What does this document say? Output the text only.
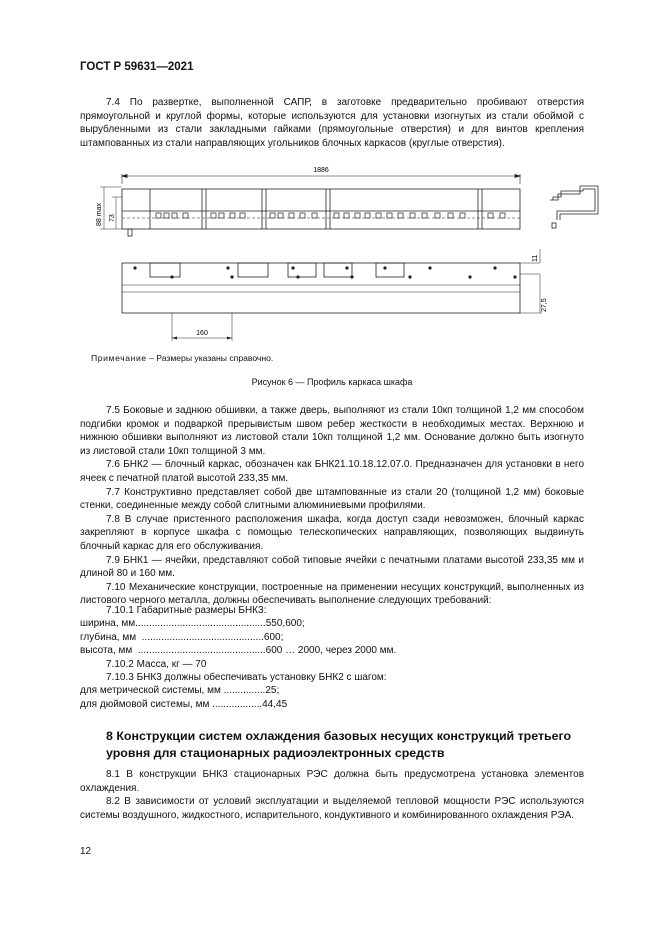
ГОСТ Р 59631—2021
7.4 По развертке, выполненной САПР, в заготовке предварительно пробивают отверстия прямоугольной и круглой формы, которые используются для установки изогнутых из стали обоймой с вырубленными из стали закладными гайками (прямоугольные отверстия) и для винтов крепления штампованных из стали направляющих угольников блочных каркасов (круглые отверстия).
1886
88 max 73
11
27,5
160
Примечание – Размеры указаны справочно.
Рисунок 6 — Профиль каркаса шкафа
7.5 Боковые и заднюю обшивки, а также дверь, выполняют из стали 10кп толщиной 1,2 мм способом подгибки кромок и подваркой прерывистым швом ребер жесткости в необходимых местах. Верхнюю и нижнюю обшивки выполняют из листовой стали 10кп толщиной 1,2 мм. Основание должно быть изогнуто из листовой стали 10кп толщиной 3 мм.
7.6 БНК2 — блочный каркас, обозначен как БНК21.10.18.12.07.0. Предназначен для установки в него ячеек с печатной платой высотой 233,35 мм.
7.7 Конструктивно представляет собой две штампованные из стали 20 (толщиной 1,2 мм) боковые стенки, соединенные между собой слитными алюминиевыми профилями.
7.8 В случае пристенного расположения шкафа, когда доступ сзади невозможен, блочный каркас закрепляют в корпусе шкафа с помощью телескопических направляющих, позволяющих выдвинуть блочный каркас для его обслуживания.
7.9 БНК1 — ячейки, представляют собой типовые ячейки с печатными платами высотой 233,35 мм и длиной 80 и 160 мм.
7.10 Механические конструкции, построенные на применении несущих конструкций, выполненных из листового черного металла, должны обеспечивать выполнение следующих требований:
7.10.1 Габаритные размеры БНК3:
ширина, мм...............................................550,600;
глубина, мм  ............................................600;
высота, мм  ..............................................600 … 2000, через 2000 мм.
7.10.2 Масса, кг — 70
7.10.3 БНК3 должны обеспечивать установку БНК2 с шагом:
для метрической системы, мм ...............25;
для дюймовой системы, мм ..................44,45
8 Конструкции систем охлаждения базовых несущих конструкций третьего уровня для стационарных радиоэлектронных средств
8.1 В конструкции БНК3 стационарных РЭС должна быть предусмотрена установка элементов охлаждения.
8.2 В зависимости от условий эксплуатации и выделяемой тепловой мощности РЭС используются системы воздушного, жидкостного, испарительного, кондуктивного и комбинированного охлаждения РЭА.
12
